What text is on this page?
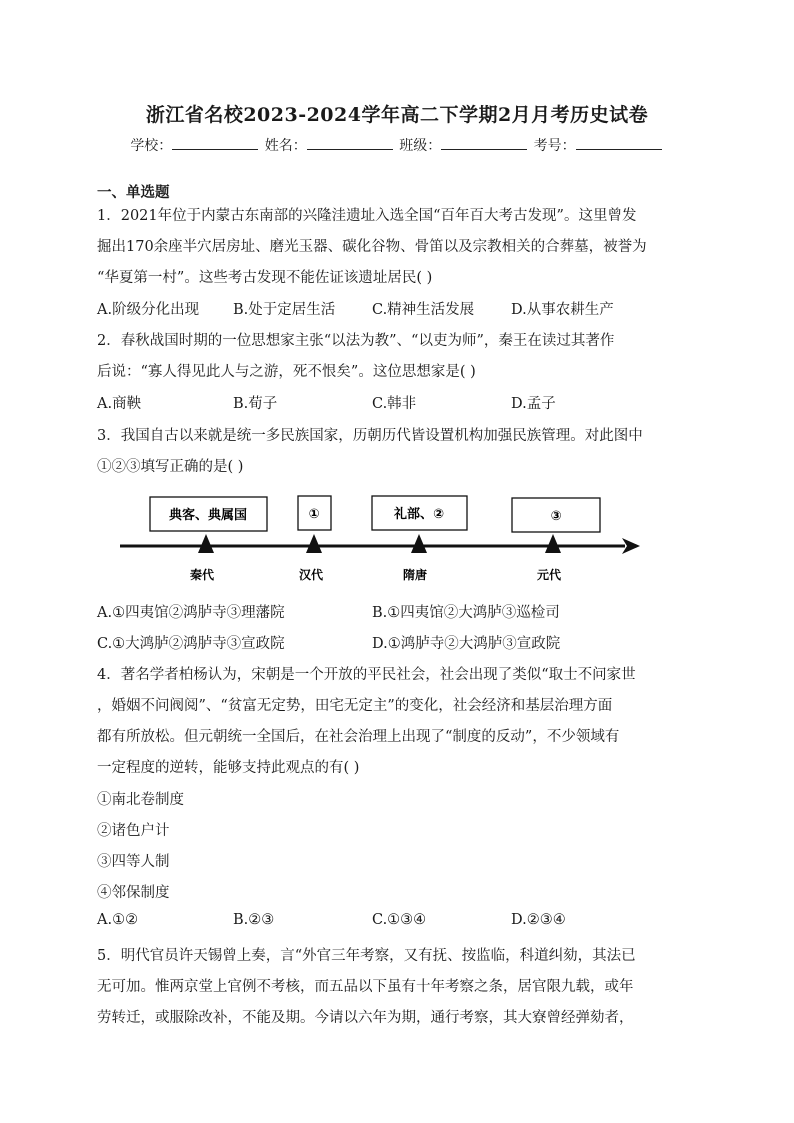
浙江省名校2023-2024学年高二下学期2月月考历史试卷
学校：	姓名：	班级：	考号：
一、单选题
1．2021年位于内蒙古东南部的兴隆洼遗址入选全国“百年百大考古发现”。这里曾发
掘出170余座半穴居房址、磨光玉器、碳化谷物、骨笛以及宗教相关的合葬墓，被誉为
“华夏第一村”。这些考古发现不能佐证该遗址居民( )
A.阶级分化出现 B.处于定居生活	C.精神生活发展	D.从事农耕生产
2．春秋战国时期的一位思想家主张“以法为教”、“以吏为师”，秦王在读过其著作
后说：“寡人得见此人与之游，死不恨矣”。这位思想家是( )
A.商鞅	B.荀子	C.韩非	D.孟子
3．我国自古以来就是统一多民族国家，历朝历代皆设置机构加强民族管理。对此图中
①②③填写正确的是( )
典客、典属国	①	礼部、②	③
秦代	汉代	隋唐	元代
A.①四夷馆②鸿胪寺③理藩院	B.①四夷馆②大鸿胪③巡检司
C.①大鸿胪②鸿胪寺③宣政院	D.①鸿胪寺②大鸿胪③宣政院
4．著名学者柏杨认为，宋朝是一个开放的平民社会，社会出现了类似“取士不问家世
，婚姻不问阀阅”、“贫富无定势，田宅无定主”的变化，社会经济和基层治理方面
都有所放松。但元朝统一全国后，在社会治理上出现了“制度的反动”，不少领域有
一定程度的逆转，能够支持此观点的有( )
①南北卷制度
②诸色户计
③四等人制
④邻保制度
A.①②	B.②③	C.①③④	D.②③④
5．明代官员许天锡曾上奏，言“外官三年考察，又有抚、按监临，科道纠劾，其法已
无可加。惟两京堂上官例不考核，而五品以下虽有十年考察之条，居官限九载，或年
劳转迁，或服除改补，不能及期。今请以六年为期，通行考察，其大寮曾经弹劾者，
